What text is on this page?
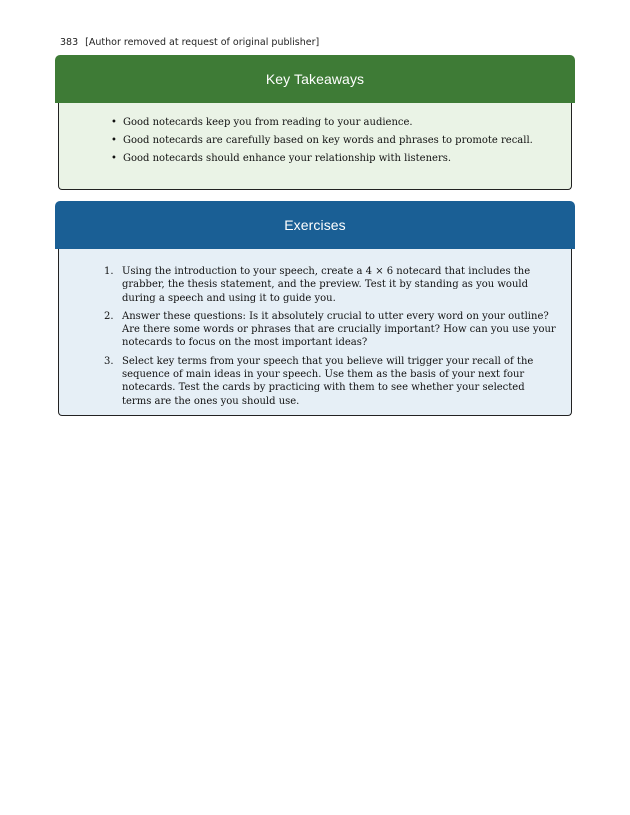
383 [Author removed at request of original publisher]
Key Takeaways
• Good notecards keep you from reading to your audience.
• Good notecards are carefully based on key words and phrases to promote recall.
• Good notecards should enhance your relationship with listeners.
Exercises
1. Using the introduction to your speech, create a 4 × 6 notecard that includes the grabber, the thesis statement, and the preview. Test it by standing as you would during a speech and using it to guide you.
2. Answer these questions: Is it absolutely crucial to utter every word on your outline? Are there some words or phrases that are crucially important? How can you use your notecards to focus on the most important ideas?
3. Select key terms from your speech that you believe will trigger your recall of the sequence of main ideas in your speech. Use them as the basis of your next four notecards. Test the cards by practicing with them to see whether your selected terms are the ones you should use.
